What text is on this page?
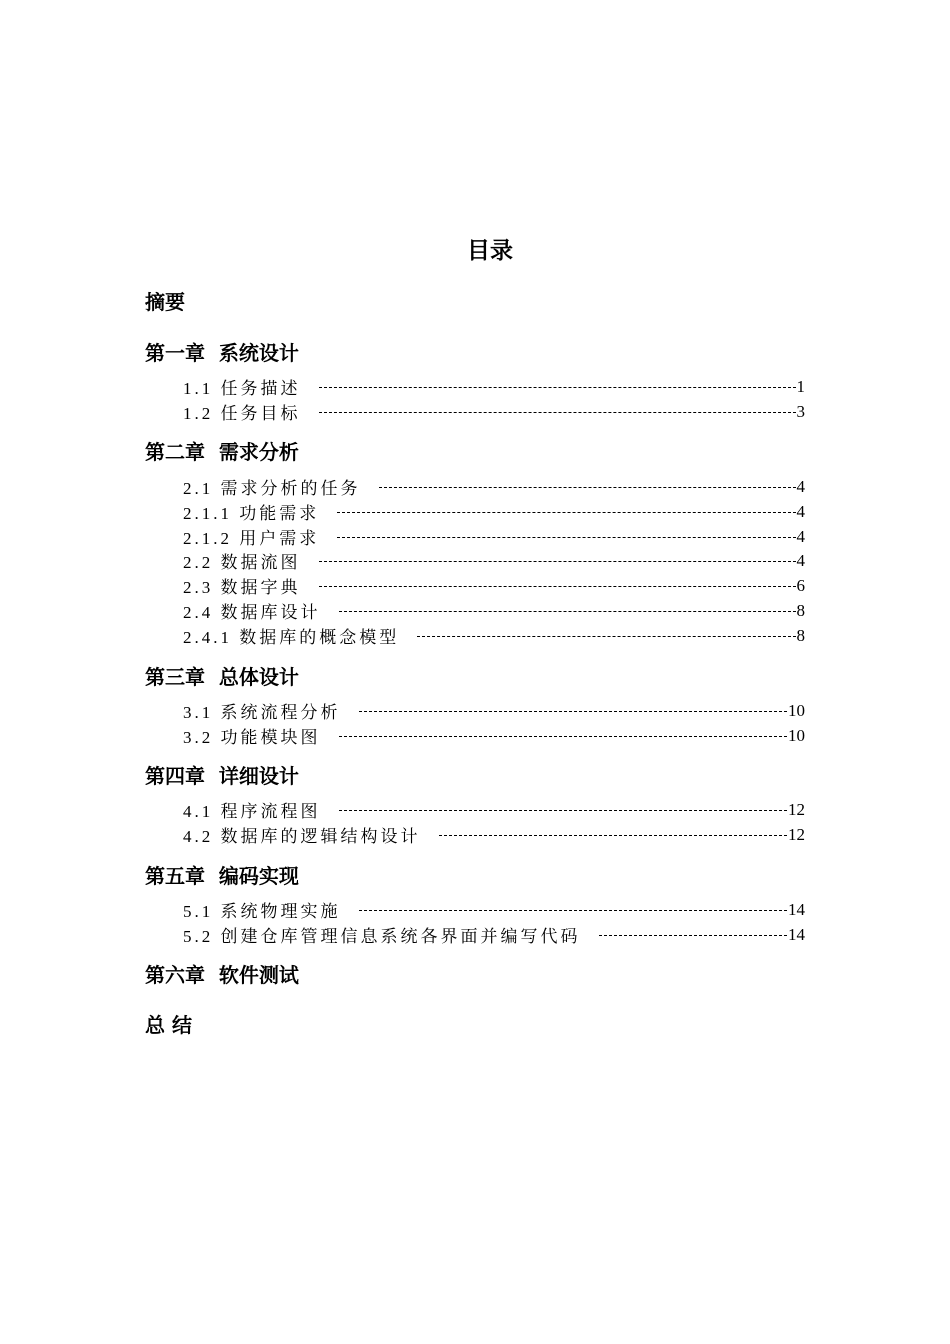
目录
摘要
第一章  系统设计
1.1 任务描述	1
1.2 任务目标	3
第二章  需求分析
2.1 需求分析的任务	4
2.1.1 功能需求	4
2.1.2 用户需求	4
2.2 数据流图	4
2.3 数据字典	6
2.4 数据库设计	8
2.4.1 数据库的概念模型	8
第三章  总体设计
3.1 系统流程分析	10
3.2 功能模块图	10
第四章  详细设计
4.1 程序流程图	12
4.2 数据库的逻辑结构设计	12
第五章  编码实现
5.1 系统物理实施	14
5.2 创建仓库管理信息系统各界面并编写代码	14
第六章  软件测试
总 结
